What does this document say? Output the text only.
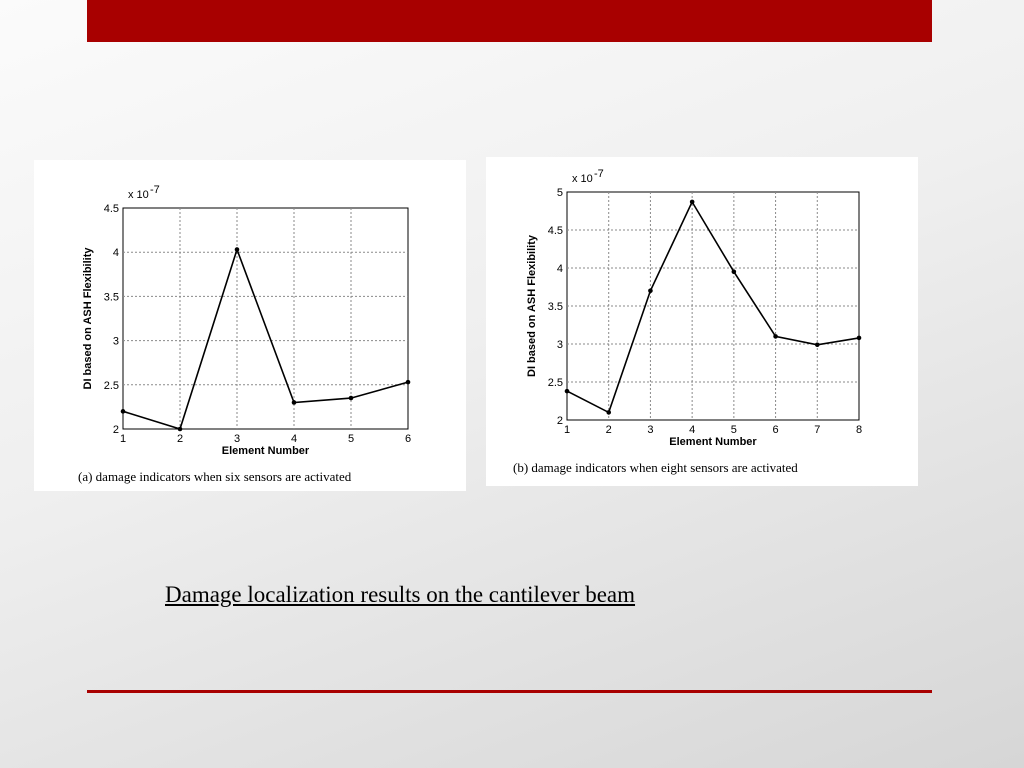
2
2.5
3
3.5
4
4.5
1	2	3	4	5	6
x 10 -7
Element Number
DI based on ASH Flexibility
(a) damage indicators when six sensors are activated
2
2.5
3
3.5
4
4.5
5
1	2	3	4	5	6	7	8
x 10 -7
Element Number
DI based on ASH Flexibility
(b) damage indicators when eight sensors are activated
Damage localization results on the cantilever beam
